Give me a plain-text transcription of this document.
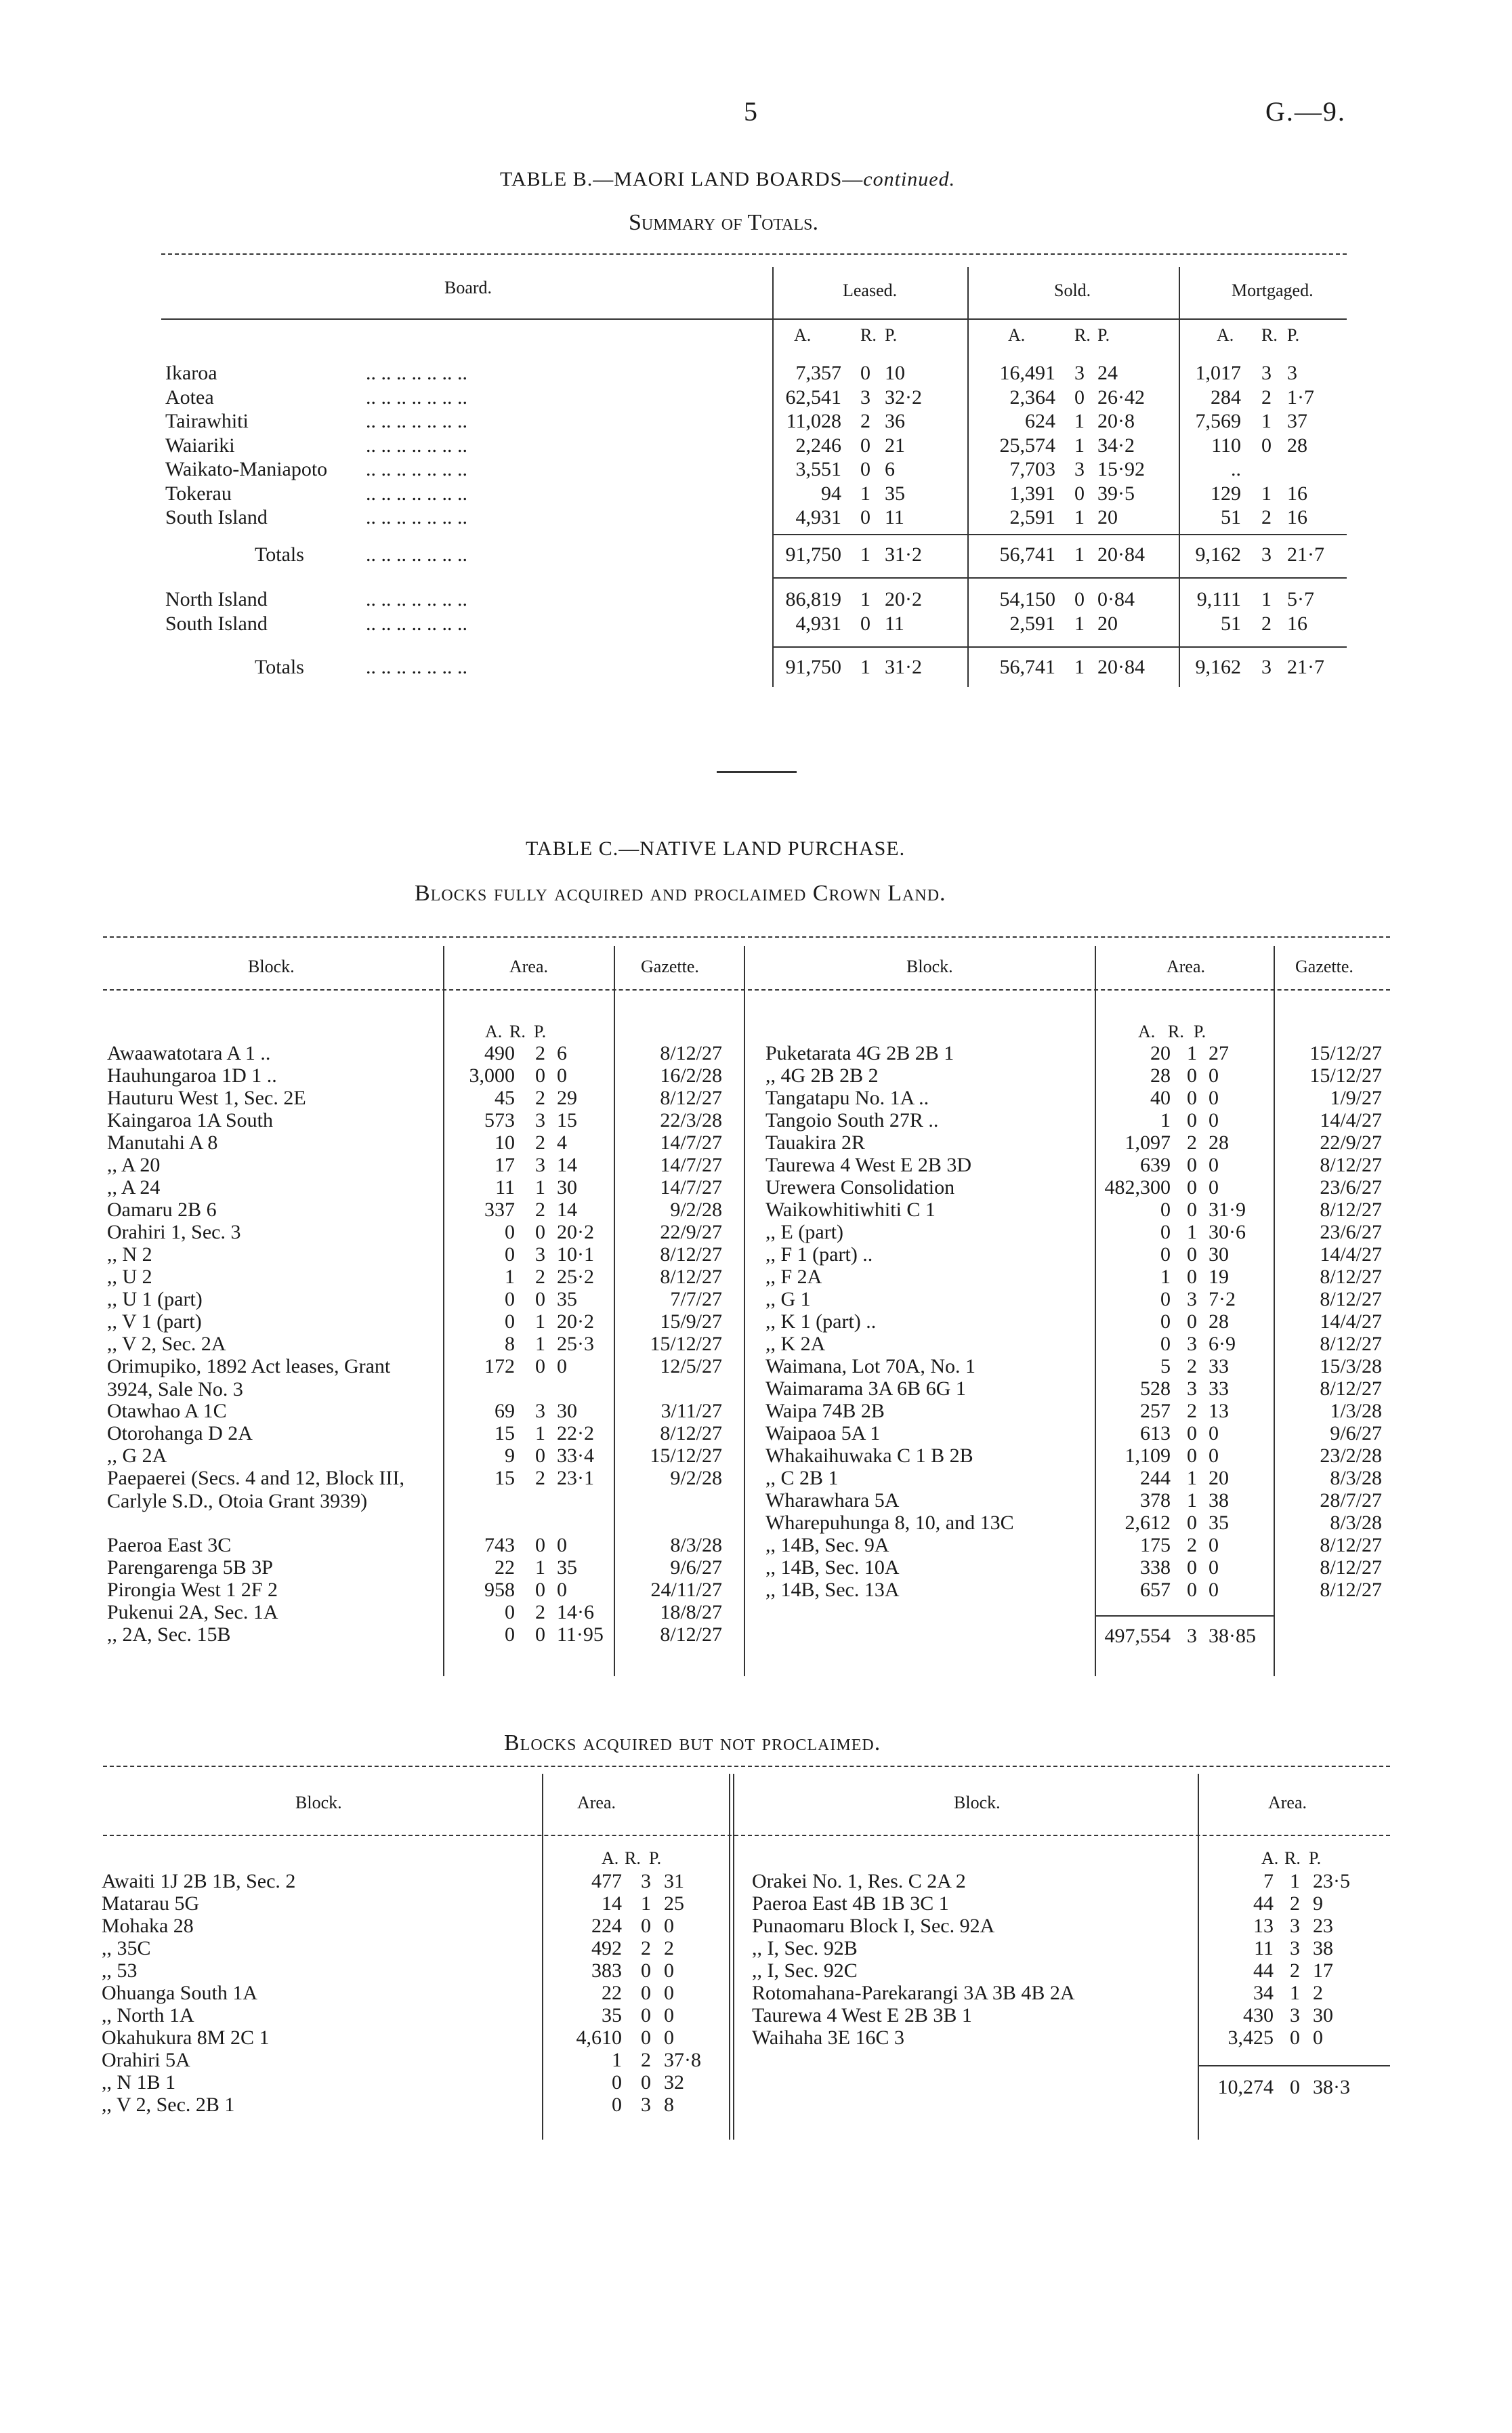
5	G.—9.
TABLE B.—MAORI LAND BOARDS—continued.
Summary of Totals.
Board.	Leased.	Sold.	Mortgaged.
A.	R. P.	A.	R. P.	A. R. P.
Ikaroa	.. .. .. .. .. .. ..	7,357 0 10	16,491 3 24	1,017 3 3
Aotea	.. .. .. .. .. .. ..	62,541 3 32·2	2,364 0 26·42	284 2 1·7
Tairawhiti	.. .. .. .. .. .. ..	11,028 2 36	624 1 20·8	7,569 1 37
Waiariki	.. .. .. .. .. .. ..	2,246 0 21	25,574 1 34·2	110 0 28
Waikato-Maniapoto .. .. .. .. .. .. ..	3,551 0 6	7,703 3 15·92	..
Tokerau	.. .. .. .. .. .. ..	94 1 35	1,391 0 39·5	129 1 16
South Island	.. .. .. .. .. .. ..	4,931 0 11	2,591 1 20	51 2 16
Totals	.. .. .. .. .. .. ..	91,750 1 31·2	56,741 1 20·84	9,162 3 21·7
North Island	.. .. .. .. .. .. ..	86,819 1 20·2	54,150 0 0·84	9,111 1 5·7
South Island	.. .. .. .. .. .. ..	4,931 0 11	2,591 1 20	51 2 16
Totals	.. .. .. .. .. .. ..	91,750 1 31·2	56,741 1 20·84	9,162 3 21·7
TABLE C.—NATIVE LAND PURCHASE.
Blocks fully acquired and proclaimed Crown Land.
Block.	Area.	Gazette.	Block.	Area.	Gazette.
A. R. P.	A. R. P.
Awaawatotara A 1 ..	490 2 6	8/12/27
Hauhungaroa 1D 1 ..	3,000 0 0	16/2/28
Hauturu West 1, Sec. 2E	45 2 29	8/12/27
Kaingaroa 1A South	573 3 15	22/3/28
Manutahi A 8	10 2 4	14/7/27
,, A 20	17 3 14	14/7/27
,, A 24	11 1 30	14/7/27
Oamaru 2B 6	337 2 14	9/2/28
Orahiri 1, Sec. 3	0 0 20·2	22/9/27
,, N 2	0 3 10·1	8/12/27
,, U 2	1 2 25·2	8/12/27
,, U 1 (part)	0 0 35	7/7/27
,, V 1 (part)	0 1 20·2	15/9/27
,, V 2, Sec. 2A	8 1 25·3	15/12/27
Orimupiko, 1892 Act leases, Grant 3924, Sale No. 3
172 0 0	12/5/27
Otawhao A 1C	69 3 30	3/11/27
Otorohanga D 2A	15 1 22·2	8/12/27
,, G 2A	9 0 33·4	15/12/27
Paepaerei (Secs. 4 and 12, Block III, Carlyle S.D., Otoia Grant 3939)
15 2 23·1	9/2/28
Paeroa East 3C	743 0 0	8/3/28
Parengarenga 5B 3P	22 1 35	9/6/27
Pirongia West 1 2F 2	958 0 0	24/11/27
Pukenui 2A, Sec. 1A	0 2 14·6	18/8/27
,, 2A, Sec. 15B	0 0 11·95	8/12/27
Puketarata 4G 2B 2B 1	20 1 27	15/12/27
,, 4G 2B 2B 2	28 0 0	15/12/27
Tangatapu No. 1A ..	40 0 0	1/9/27
Tangoio South 27R ..	1 0 0	14/4/27
Tauakira 2R	1,097 2 28	22/9/27
Taurewa 4 West E 2B 3D	639 0 0	8/12/27
Urewera Consolidation	482,300 0 0	23/6/27
Waikowhitiwhiti C 1	0 0 31·9	8/12/27
,, E (part)	0 1 30·6	23/6/27
,, F 1 (part) ..	0 0 30	14/4/27
,, F 2A	1 0 19	8/12/27
,, G 1	0 3 7·2	8/12/27
,, K 1 (part) ..	0 0 28	14/4/27
,, K 2A	0 3 6·9	8/12/27
Waimana, Lot 70A, No. 1	5 2 33	15/3/28
Waimarama 3A 6B 6G 1	528 3 33	8/12/27
Waipa 74B 2B	257 2 13	1/3/28
Waipaoa 5A 1	613 0 0	9/6/27
Whakaihuwaka C 1 B 2B	1,109 0 0	23/2/28
,, C 2B 1	244 1 20	8/3/28
Wharawhara 5A	378 1 38	28/7/27
Wharepuhunga 8, 10, and 13C	2,612 0 35	8/3/28
,, 14B, Sec. 9A	175 2 0	8/12/27
,, 14B, Sec. 10A	338 0 0	8/12/27
,, 14B, Sec. 13A	657 0 0	8/12/27
497,554 3 38·85
Blocks acquired but not proclaimed.
Block.	Area.	Block.	Area.
A. R. P.	A. R. P.
Awaiti 1J 2B 1B, Sec. 2	477 3 31
Matarau 5G	14 1 25
Mohaka 28	224 0 0
,, 35C	492 2 2
,, 53	383 0 0
Ohuanga South 1A	22 0 0
,, North 1A	35 0 0
Okahukura 8M 2C 1	4,610 0 0
Orahiri 5A	1 2 37·8
,, N 1B 1	0 0 32
,, V 2, Sec. 2B 1	0 3 8
Orakei No. 1, Res. C 2A 2	7 1 23·5
Paeroa East 4B 1B 3C 1	44 2 9
Punaomaru Block I, Sec. 92A	13 3 23
,, I, Sec. 92B	11 3 38
,, I, Sec. 92C	44 2 17
Rotomahana-Parekarangi 3A 3B 4B 2A	34 1 2
Taurewa 4 West E 2B 3B 1	430 3 30
Waihaha 3E 16C 3	3,425 0 0
10,274 0 38·3
